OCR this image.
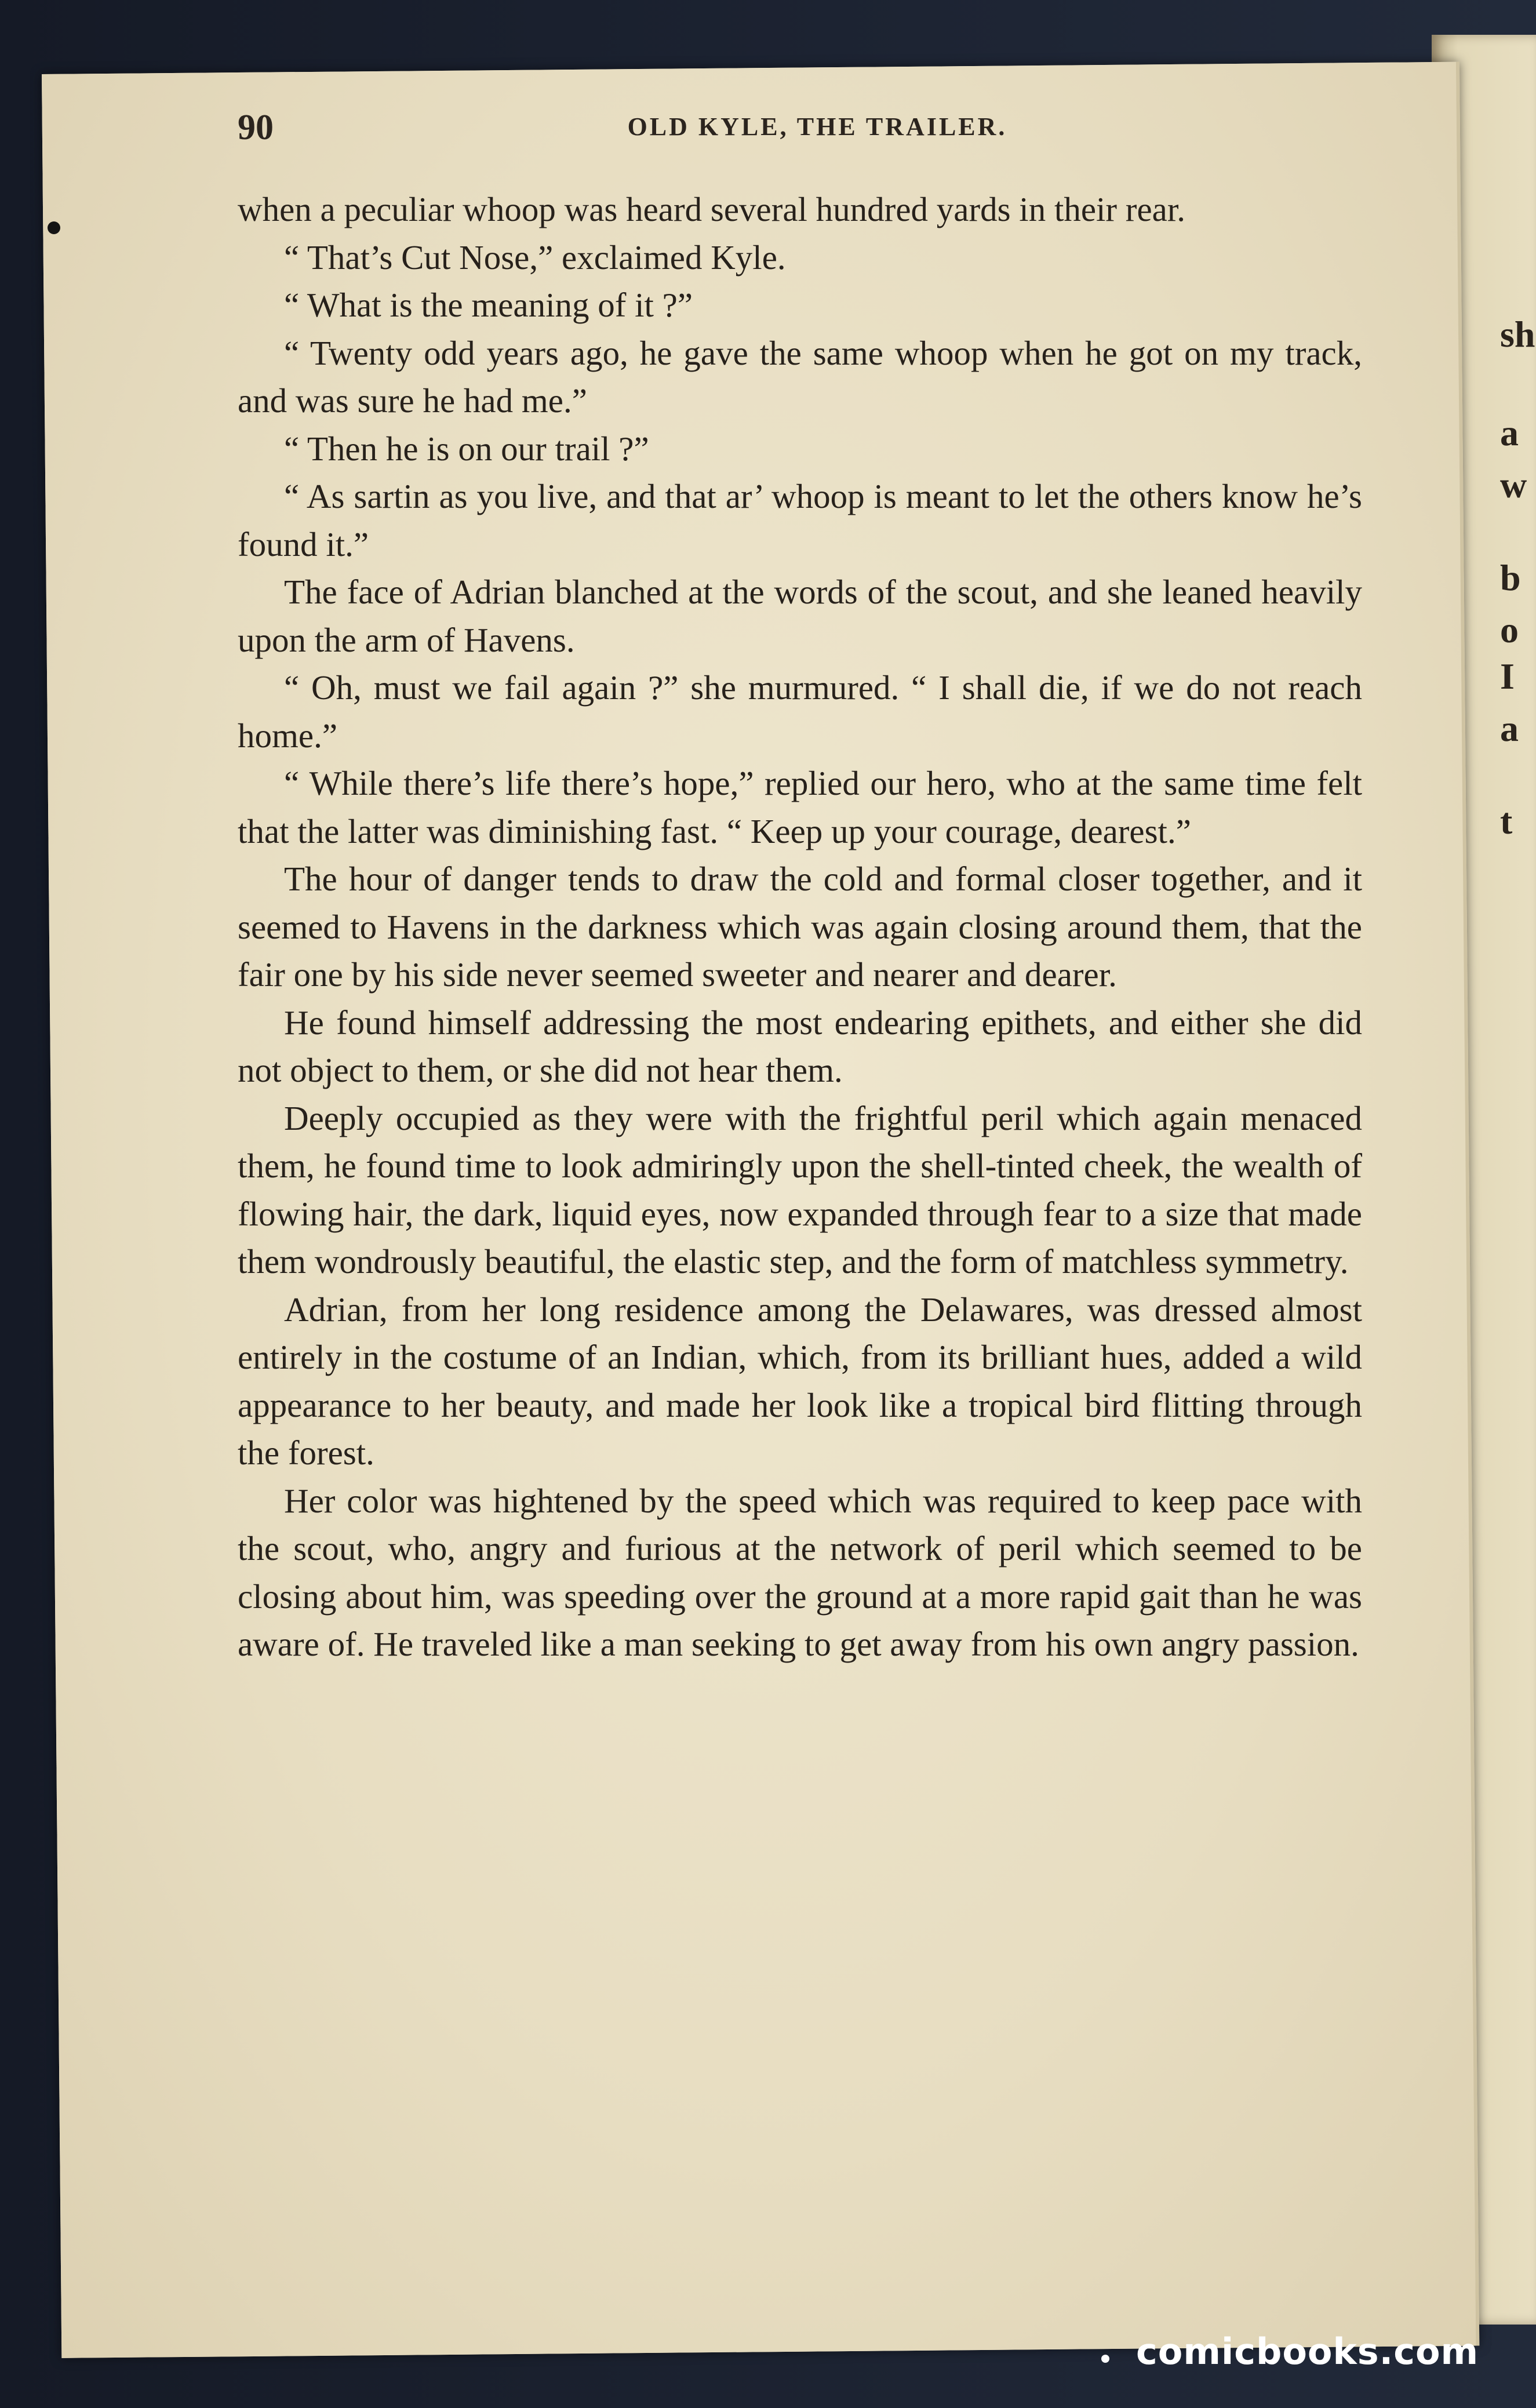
sh
a
w
b
o
I
a
t
90	OLD KYLE, THE TRAILER.

when a peculiar whoop was heard several hundred yards in their rear.

“ That’s Cut Nose,” exclaimed Kyle.

“ What is the meaning of it ?”

“ Twenty odd years ago, he gave the same whoop when he got on my track, and was sure he had me.”

“ Then he is on our trail ?”

“ As sartin as you live, and that ar’ whoop is meant to let the others know he’s found it.”

The face of Adrian blanched at the words of the scout, and she leaned heavily upon the arm of Havens.

“ Oh, must we fail again ?” she murmured. “ I shall die, if we do not reach home.”

“ While there’s life there’s hope,” replied our hero, who at the same time felt that the latter was diminishing fast. “ Keep up your courage, dearest.”

The hour of danger tends to draw the cold and formal closer together, and it seemed to Havens in the darkness which was again closing around them, that the fair one by his side never seemed sweeter and nearer and dearer.

He found himself addressing the most endearing epithets, and either she did not object to them, or she did not hear them.

Deeply occupied as they were with the frightful peril which again menaced them, he found time to look admiringly upon the shell-tinted cheek, the wealth of flowing hair, the dark, liquid eyes, now expanded through fear to a size that made them wondrously beautiful, the elastic step, and the form of matchless symmetry.

Adrian, from her long residence among the Delawares, was dressed almost entirely in the costume of an Indian, which, from its brilliant hues, added a wild appearance to her beauty, and made her look like a tropical bird flitting through the forest.

Her color was hightened by the speed which was required to keep pace with the scout, who, angry and furious at the network of peril which seemed to be closing about him, was speeding over the ground at a more rapid gait than he was aware of. He traveled like a man seeking to get away from his own angry passion.

comicbooks.com
